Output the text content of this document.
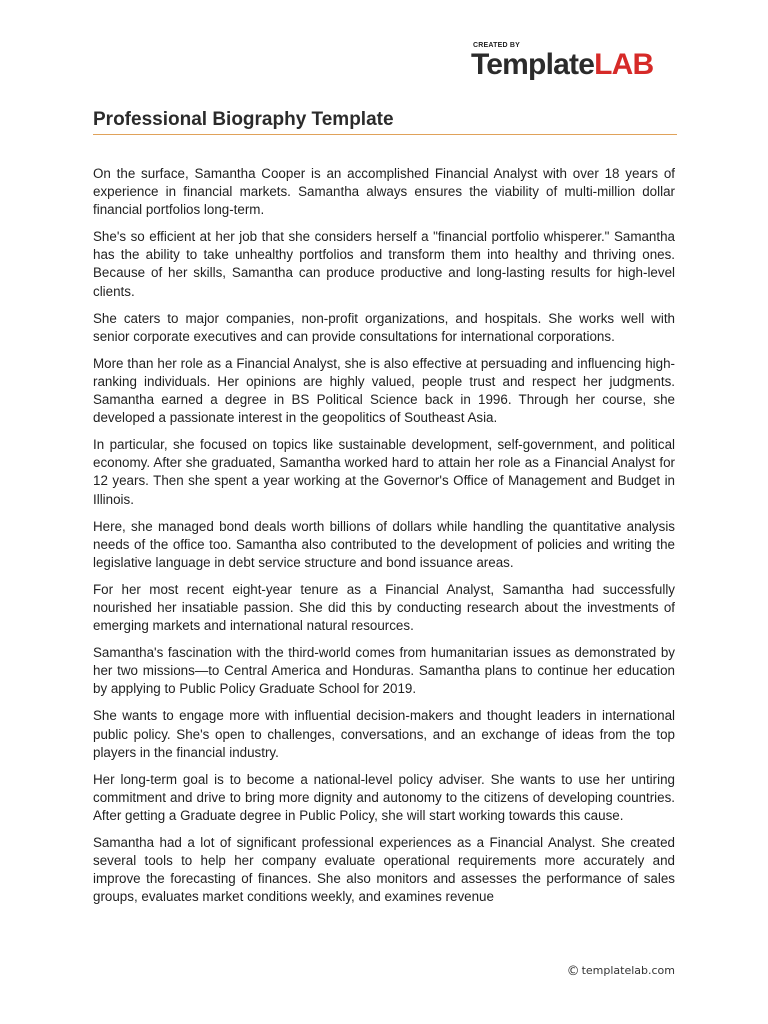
CREATED BY
TemplateLAB
Professional Biography Template

On the surface, Samantha Cooper is an accomplished Financial Analyst with over 18 years of experience in financial markets. Samantha always ensures the viability of multi-million dollar financial portfolios long-term.

She's so efficient at her job that she considers herself a "financial portfolio whisperer." Samantha has the ability to take unhealthy portfolios and transform them into healthy and thriving ones. Because of her skills, Samantha can produce productive and long-lasting results for high-level clients.

She caters to major companies, non-profit organizations, and hospitals. She works well with senior corporate executives and can provide consultations for international corporations.

More than her role as a Financial Analyst, she is also effective at persuading and influencing high-ranking individuals. Her opinions are highly valued, people trust and respect her judgments. Samantha earned a degree in BS Political Science back in 1996. Through her course, she developed a passionate interest in the geopolitics of Southeast Asia.

In particular, she focused on topics like sustainable development, self-government, and political economy. After she graduated, Samantha worked hard to attain her role as a Financial Analyst for 12 years. Then she spent a year working at the Governor's Office of Management and Budget in Illinois.

Here, she managed bond deals worth billions of dollars while handling the quantitative analysis needs of the office too. Samantha also contributed to the development of policies and writing the legislative language in debt service structure and bond issuance areas.

For her most recent eight-year tenure as a Financial Analyst, Samantha had successfully nourished her insatiable passion. She did this by conducting research about the investments of emerging markets and international natural resources.

Samantha's fascination with the third-world comes from humanitarian issues as demonstrated by her two missions—to Central America and Honduras. Samantha plans to continue her education by applying to Public Policy Graduate School for 2019.

She wants to engage more with influential decision-makers and thought leaders in international public policy. She's open to challenges, conversations, and an exchange of ideas from the top players in the financial industry.

Her long-term goal is to become a national-level policy adviser. She wants to use her untiring commitment and drive to bring more dignity and autonomy to the citizens of developing countries. After getting a Graduate degree in Public Policy, she will start working towards this cause.

Samantha had a lot of significant professional experiences as a Financial Analyst. She created several tools to help her company evaluate operational requirements more accurately and improve the forecasting of finances. She also monitors and assesses the performance of sales groups, evaluates market conditions weekly, and examines revenue

© templatelab.com
